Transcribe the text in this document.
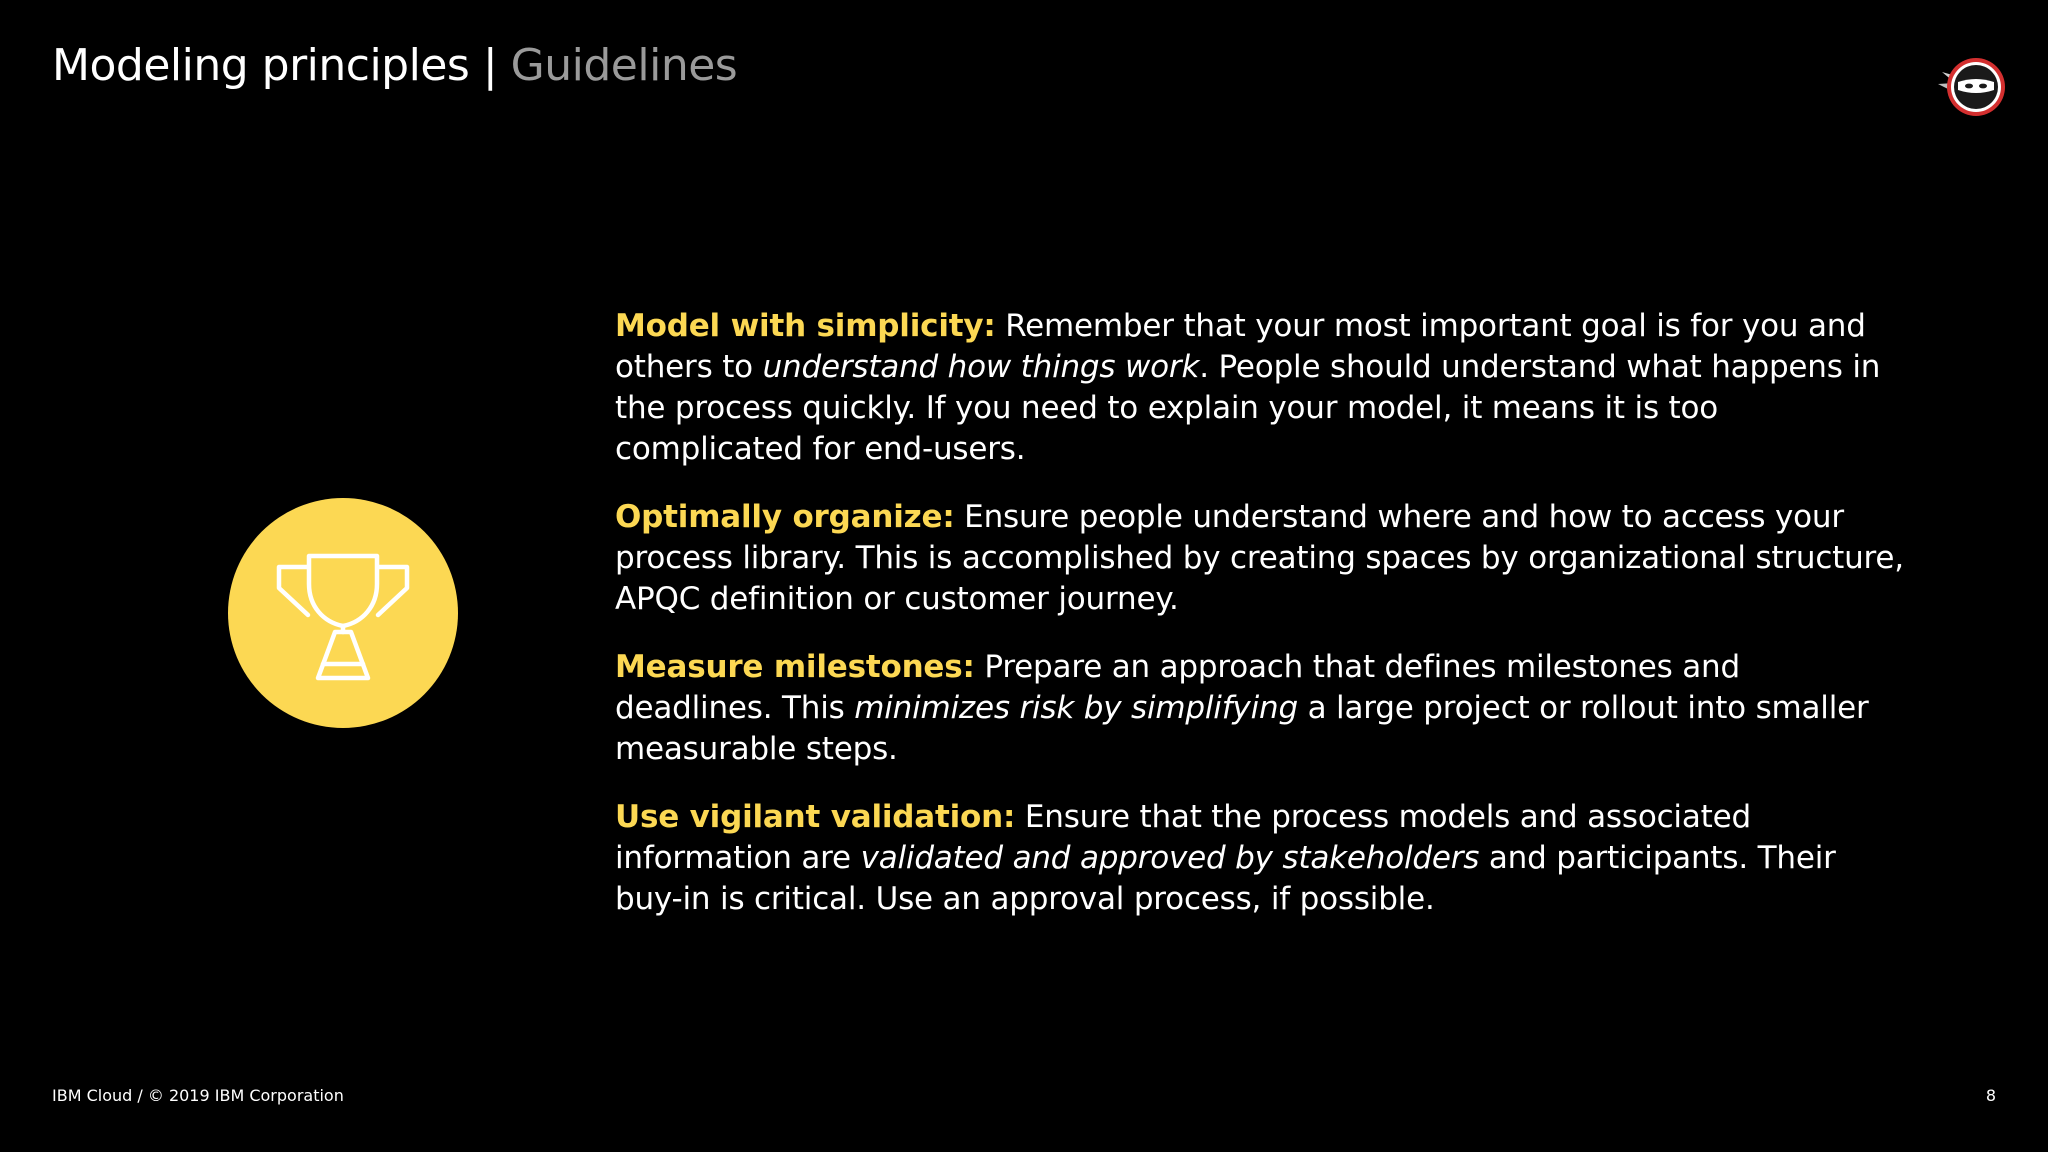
Modeling principles | Guidelines

Model with simplicity: Remember that your most important goal is for you and others to understand how things work. People should understand what happens in the process quickly. If you need to explain your model, it means it is too complicated for end-users.

Optimally organize: Ensure people understand where and how to access your process library. This is accomplished by creating spaces by organizational structure, APQC definition or customer journey.

Measure milestones: Prepare an approach that defines milestones and deadlines. This minimizes risk by simplifying a large project or rollout into smaller measurable steps.

Use vigilant validation: Ensure that the process models and associated information are validated and approved by stakeholders and participants. Their buy-in is critical. Use an approval process, if possible.

IBM Cloud / © 2019 IBM Corporation	8
